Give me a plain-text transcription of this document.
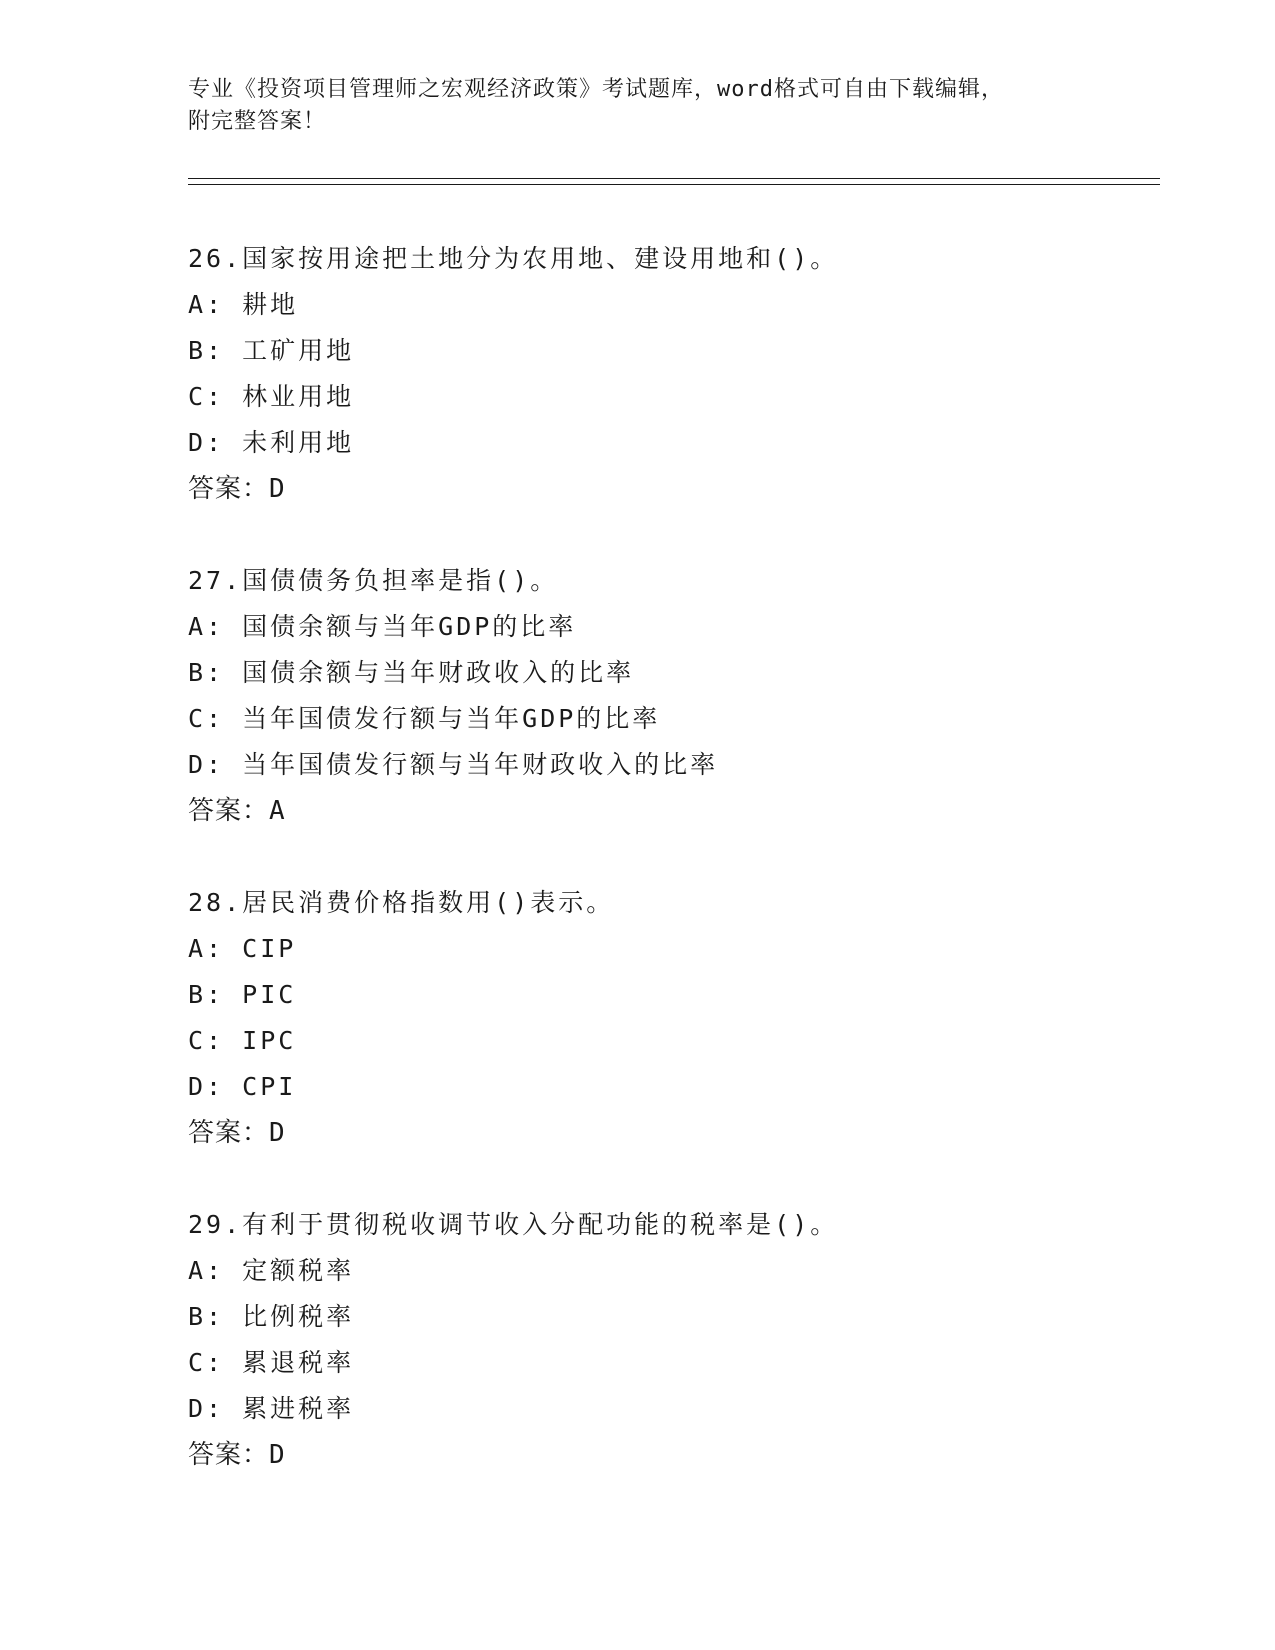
专业《投资项目管理师之宏观经济政策》考试题库，word格式可自由下载编辑，

附完整答案！

26.国家按用途把土地分为农用地、建设用地和()。
A: 耕地
B: 工矿用地
C: 林业用地
D: 未利用地
答案：D
27.国债债务负担率是指()。
A: 国债余额与当年GDP的比率
B: 国债余额与当年财政收入的比率
C: 当年国债发行额与当年GDP的比率
D: 当年国债发行额与当年财政收入的比率
答案：A
28.居民消费价格指数用()表示。
A: CIP
B: PIC
C: IPC
D: CPI
答案：D
29.有利于贯彻税收调节收入分配功能的税率是()。
A: 定额税率
B: 比例税率
C: 累退税率
D: 累进税率
答案：D
